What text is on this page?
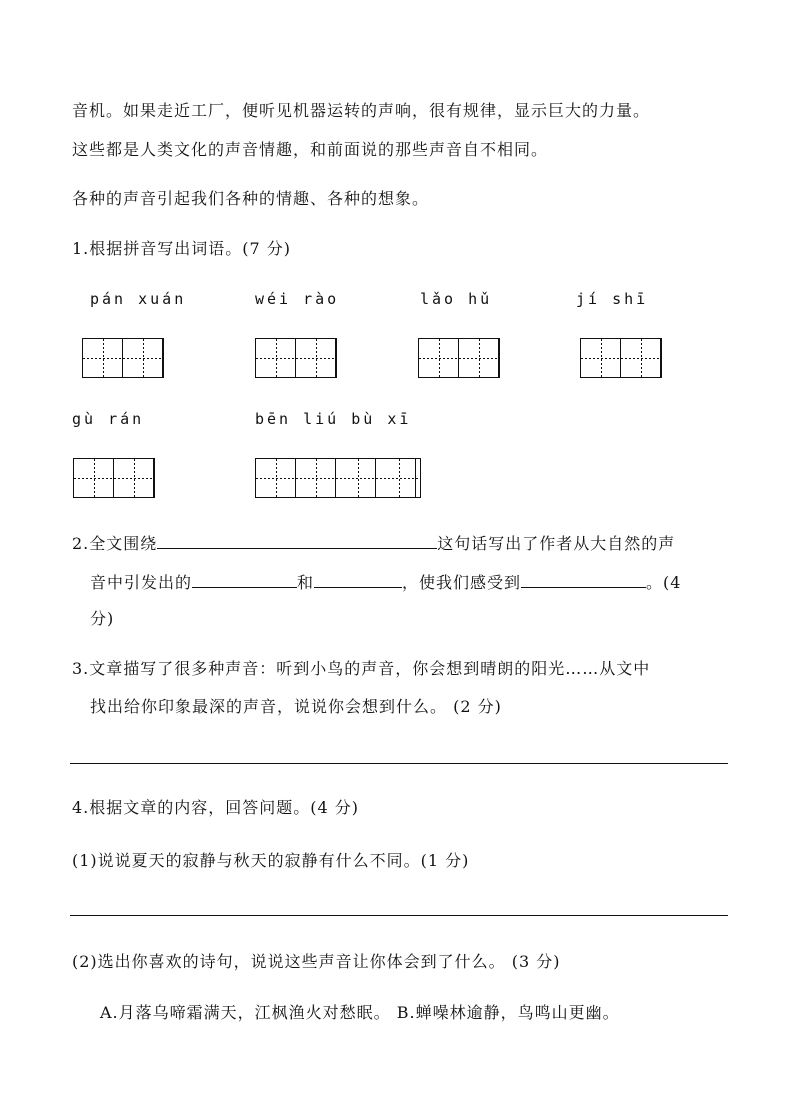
音机。如果走近工厂，便听见机器运转的声响，很有规律，显示巨大的力量。
这些都是人类文化的声音情趣，和前面说的那些声音自不相同。
各种的声音引起我们各种的情趣、各种的想象。
1.根据拼音写出词语。(7 分)
pán xuán	wéi rào	lǎo hǔ	jí shī
gù rán	bēn liú bù xī
2.全文围绕	这句话写出了作者从大自然的声
音中引发出的	和	，使我们感受到	。(4
分)
3.文章描写了很多种声音：听到小鸟的声音，你会想到晴朗的阳光……从文中
找出给你印象最深的声音，说说你会想到什么。 (2 分)
4.根据文章的内容，回答问题。(4 分)
(1)说说夏天的寂静与秋天的寂静有什么不同。(1 分)
(2)选出你喜欢的诗句，说说这些声音让你体会到了什么。 (3 分)
A.月落乌啼霜满天，江枫渔火对愁眠。 B.蝉噪林逾静，鸟鸣山更幽。
